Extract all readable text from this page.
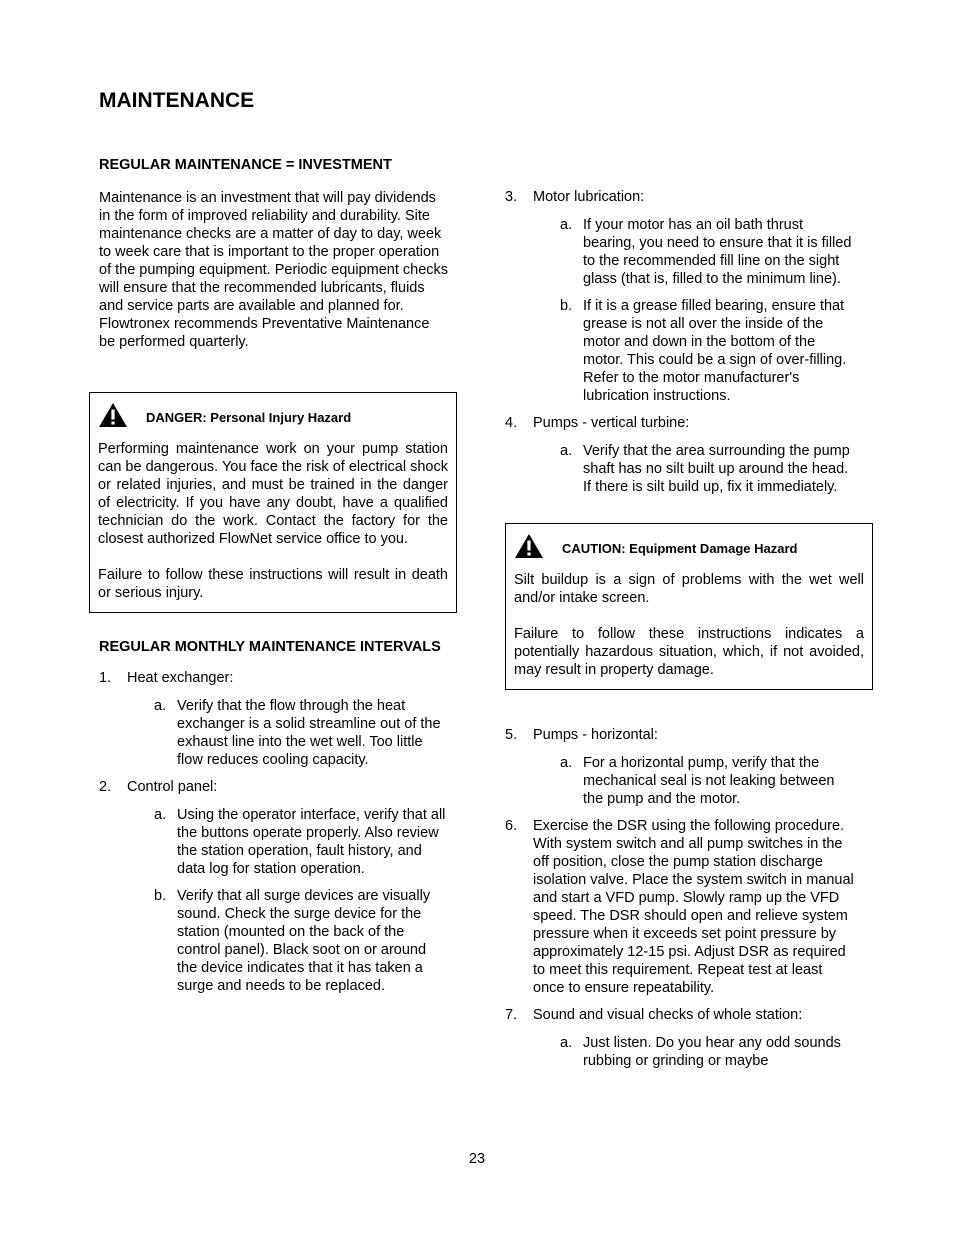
MAINTENANCE
REGULAR MAINTENANCE = INVESTMENT

Maintenance is an investment that will pay dividends in the form of improved reliability and durability. Site maintenance checks are a matter of day to day, week to week care that is important to the proper operation of the pumping equipment. Periodic equipment checks will ensure that the recommended lubricants, fluids and service parts are available and planned for. Flowtronex recommends Preventative Maintenance be performed quarterly.

DANGER: Personal Injury Hazard

Performing maintenance work on your pump station can be dangerous. You face the risk of electrical shock or related injuries, and must be trained in the danger of electricity. If you have any doubt, have a qualified technician do the work. Contact the factory for the closest authorized FlowNet service office to you.

Failure to follow these instructions will result in death or serious injury.

REGULAR MONTHLY MAINTENANCE INTERVALS
1.	Heat exchanger:
a. Verify that the flow through the heat exchanger is a solid streamline out of the exhaust line into the wet well. Too little flow reduces cooling capacity.
2.	Control panel:
a. Using the operator interface, verify that all the buttons operate properly. Also review the station operation, fault history, and data log for station operation.
b. Verify that all surge devices are visually sound. Check the surge device for the station (mounted on the back of the control panel). Black soot on or around the device indicates that it has taken a surge and needs to be replaced.
3.	Motor lubrication:
a. If your motor has an oil bath thrust bearing, you need to ensure that it is filled to the recommended fill line on the sight glass (that is, filled to the minimum line).
b. If it is a grease filled bearing, ensure that grease is not all over the inside of the motor and down in the bottom of the motor. This could be a sign of over-filling. Refer to the motor manufacturer's lubrication instructions.
4.	Pumps - vertical turbine:
a. Verify that the area surrounding the pump shaft has no silt built up around the head. If there is silt build up, fix it immediately.
CAUTION: Equipment Damage Hazard

Silt buildup is a sign of problems with the wet well and/or intake screen.

Failure to follow these instructions indicates a potentially hazardous situation, which, if not avoided, may result in property damage.

5.	Pumps - horizontal:
a. For a horizontal pump, verify that the mechanical seal is not leaking between the pump and the motor.
6.	Exercise the DSR using the following procedure. With system switch and all pump switches in the off position, close the pump station discharge isolation valve. Place the system switch in manual and start a VFD pump. Slowly ramp up the VFD speed. The DSR should open and relieve system pressure when it exceeds set point pressure by approximately 12-15 psi. Adjust DSR as required to meet this requirement. Repeat test at least once to ensure repeatability.
7.	Sound and visual checks of whole station:
a. Just listen. Do you hear any odd sounds rubbing or grinding or maybe
23
